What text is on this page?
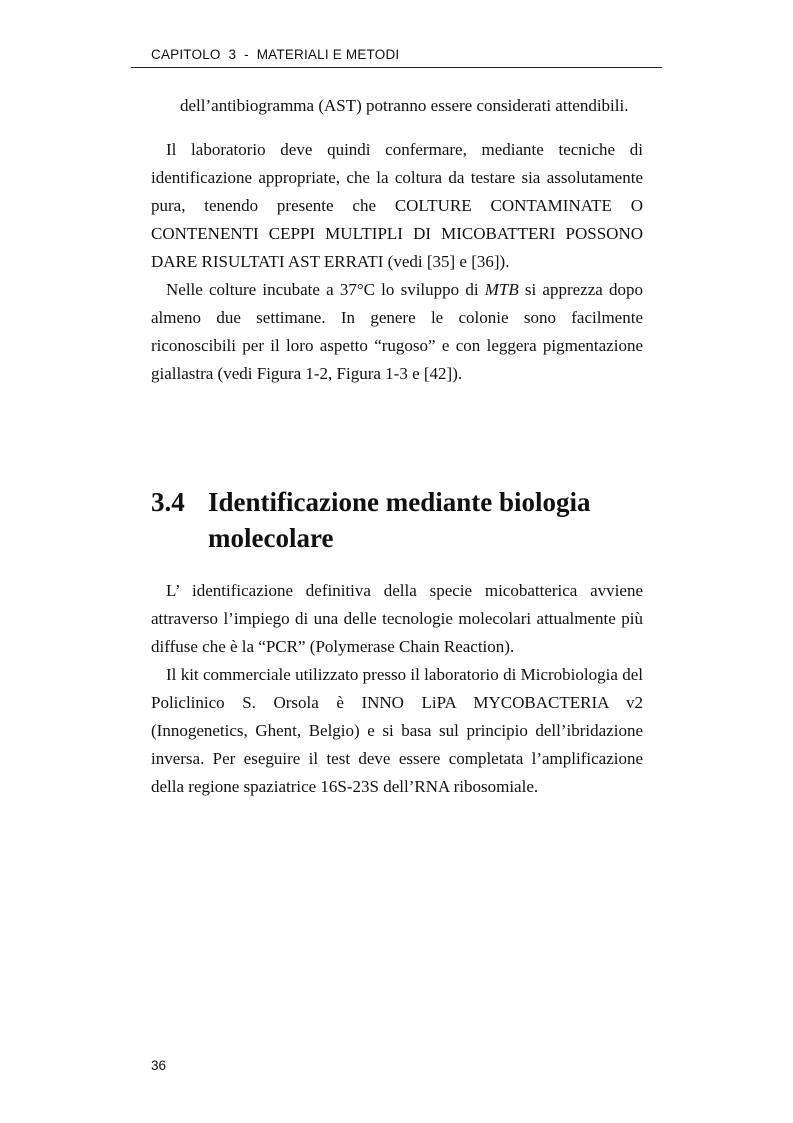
CAPITOLO  3  -  MATERIALI E METODI

dell’antibiogramma (AST) potranno essere considerati attendibili.

Il laboratorio deve quindi confermare, mediante tecniche di identificazione appropriate, che la coltura da testare sia assolutamente pura, tenendo presente che COLTURE CONTAMINATE O CONTENENTI CEPPI MULTIPLI DI MICOBATTERI POSSONO DARE RISULTATI AST ERRATI (vedi [35] e [36]).

Nelle colture incubate a 37°C lo sviluppo di MTB si apprezza dopo almeno due settimane. In genere le colonie sono facilmente riconoscibili per il loro aspetto “rugoso” e con leggera pigmentazione giallastra (vedi Figura 1-2, Figura 1-3 e [42]).

3.4 Identificazione mediante biologia
molecolare

L’ identificazione definitiva della specie micobatterica avviene attraverso l’impiego di una delle tecnologie molecolari attualmente più diffuse che è la “PCR” (Polymerase Chain Reaction).

Il kit commerciale utilizzato presso il laboratorio di Microbiologia del Policlinico S. Orsola è INNO LiPA MYCOBACTERIA v2 (Innogenetics, Ghent, Belgio) e si basa sul principio dell’ibridazione inversa. Per eseguire il test deve essere completata l’amplificazione della regione spaziatrice 16S-23S dell’RNA ribosomiale.

36
